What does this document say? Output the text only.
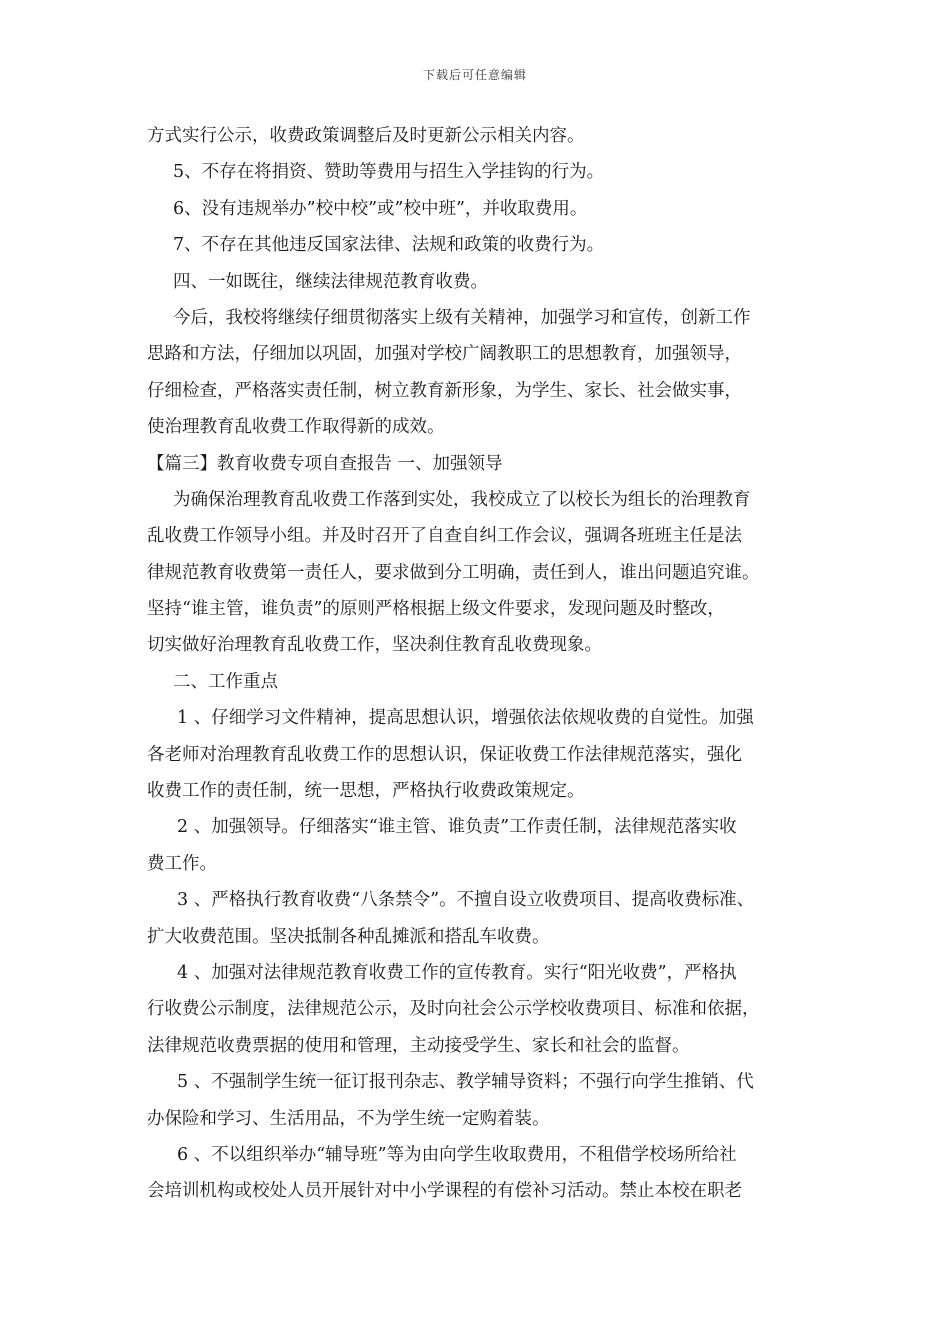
下载后可任意编辑
方式实行公示，收费政策调整后及时更新公示相关内容。
5、不存在将捐资、赞助等费用与招生入学挂钩的行为。
6、没有违规举办”校中校”或”校中班”，并收取费用。
7、不存在其他违反国家法律、法规和政策的收费行为。
四、一如既往，继续法律规范教育收费。
今后，我校将继续仔细贯彻落实上级有关精神，加强学习和宣传，创新工作
思路和方法，仔细加以巩固，加强对学校广阔教职工的思想教育，加强领导，
仔细检查，严格落实责任制，树立教育新形象，为学生、家长、社会做实事，
使治理教育乱收费工作取得新的成效。
【篇三】教育收费专项自查报告 一、加强领导
为确保治理教育乱收费工作落到实处，我校成立了以校长为组长的治理教育
乱收费工作领导小组。并及时召开了自查自纠工作会议，强调各班班主任是法
律规范教育收费第一责任人，要求做到分工明确，责任到人，谁出问题追究谁。
坚持“谁主管，谁负责”的原则严格根据上级文件要求，发现问题及时整改，
切实做好治理教育乱收费工作，坚决刹住教育乱收费现象。
二、工作重点
1 、仔细学习文件精神，提高思想认识，增强依法依规收费的自觉性。加强
各老师对治理教育乱收费工作的思想认识，保证收费工作法律规范落实，强化
收费工作的责任制，统一思想，严格执行收费政策规定。
2 、加强领导。仔细落实“谁主管、谁负责”工作责任制，法律规范落实收
费工作。
3 、严格执行教育收费“八条禁令”。不擅自设立收费项目、提高收费标准、
扩大收费范围。坚决抵制各种乱摊派和搭乱车收费。
4 、加强对法律规范教育收费工作的宣传教育。实行“阳光收费”，严格执
行收费公示制度，法律规范公示，及时向社会公示学校收费项目、标准和依据，
法律规范收费票据的使用和管理，主动接受学生、家长和社会的监督。
5 、不强制学生统一征订报刊杂志、教学辅导资料；不强行向学生推销、代
办保险和学习、生活用品，不为学生统一定购着装。
6 、不以组织举办“辅导班”等为由向学生收取费用，不租借学校场所给社
会培训机构或校处人员开展针对中小学课程的有偿补习活动。禁止本校在职老
